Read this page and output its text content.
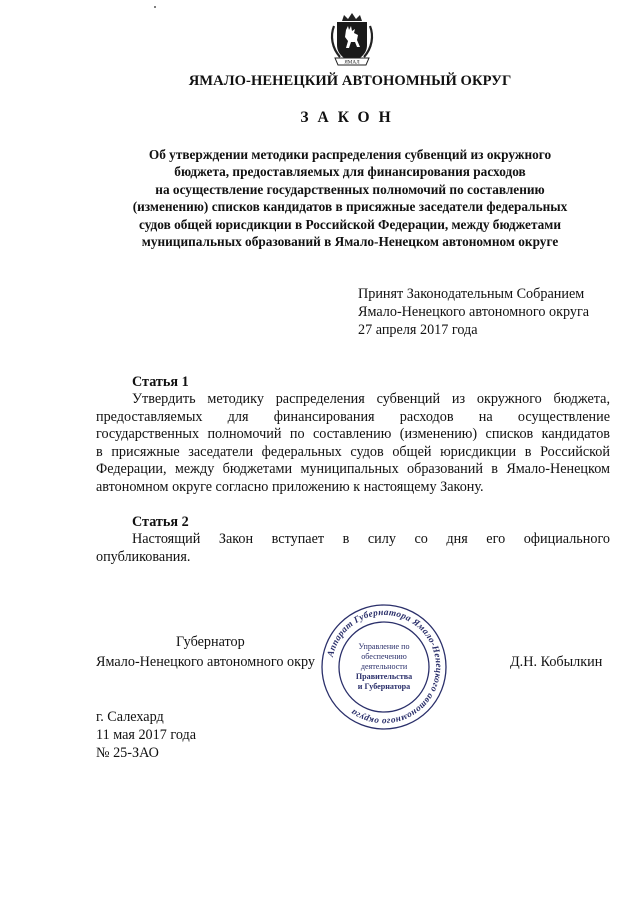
ЯМАЛ
ЯМАЛО-НЕНЕЦКИЙ АВТОНОМНЫЙ ОКРУГ
ЗАКОН
Об утверждении методики распределения субвенций из окружного
бюджета, предоставляемых для финансирования расходов
на осуществление государственных полномочий по составлению
(изменению) списков кандидатов в присяжные заседатели федеральных
судов общей юрисдикции в Российской Федерации, между бюджетами
муниципальных образований в Ямало-Ненецком автономном округе
Принят Законодательным Собранием
Ямало-Ненецкого автономного округа
27 апреля 2017 года
Статья 1
Утвердить методику распределения субвенций из окружного бюджета,
предоставляемых для финансирования расходов на осуществление
государственных полномочий по составлению (изменению) списков кандидатов
в присяжные заседатели федеральных судов общей юрисдикции в Российской
Федерации, между бюджетами муниципальных образований в Ямало-Ненецком
автономном округе согласно приложению к настоящему Закону.
Статья 2
Настоящий Закон вступает в силу со дня его официального
опубликования.
Губернатор
Ямало-Ненецкого автономного окру	Д.Н. Кобылкин
Аппарат Губернатора Ямало-Ненецкого автономного округа
Управление по
обеспечению
деятельности
Правительства
и Губернатора
г. Салехард
11 мая 2017 года
№ 25-ЗАО
